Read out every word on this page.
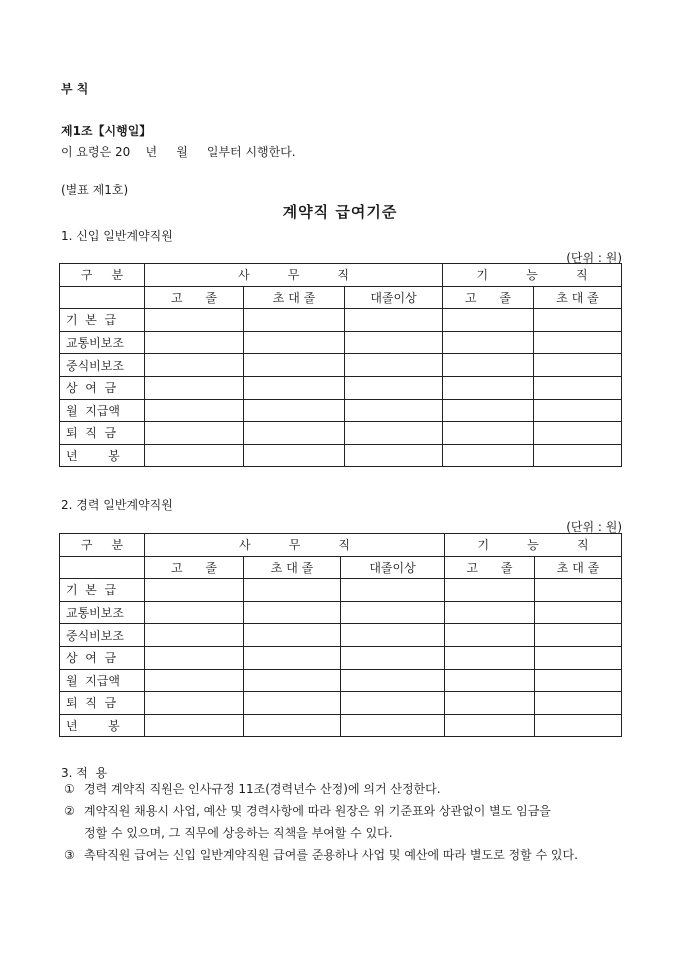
부 칙
제1조【시행일】
이 요령은 20    년     월     일부터 시행한다.
(별표 제1호)
계약직 급여기준
1. 신입 일반계약직원
(단위 : 원)
구     분	사          무          직			기          능          직	
	고      졸	초 대 졸	대졸이상	고      졸	초 대 졸
기  본  급					
교통비보조					
중식비보조					
상  여  금					
월  지급액					
퇴  직  금					
년        봉					
2. 경력 일반계약직원
(단위 : 원)
구     분	사          무          직			기          능          직	
	고      졸	초 대 졸	대졸이상	고      졸	초 대 졸
기  본  급					
교통비보조					
중식비보조					
상  여  금					
월  지급액					
퇴  직  금					
년        봉					
3. 적  용
① 경력 계약직 직원은 인사규정 11조(경력년수 산정)에 의거 산정한다.
② 계약직원 채용시 사업, 예산 및 경력사항에 따라 원장은 위 기준표와 상관없이 별도 임금을
정할 수 있으며, 그 직무에 상응하는 직책을 부여할 수 있다.
③ 촉탁직원 급여는 신입 일반계약직원 급여를 준용하나 사업 및 예산에 따라 별도로 정할 수 있다.
